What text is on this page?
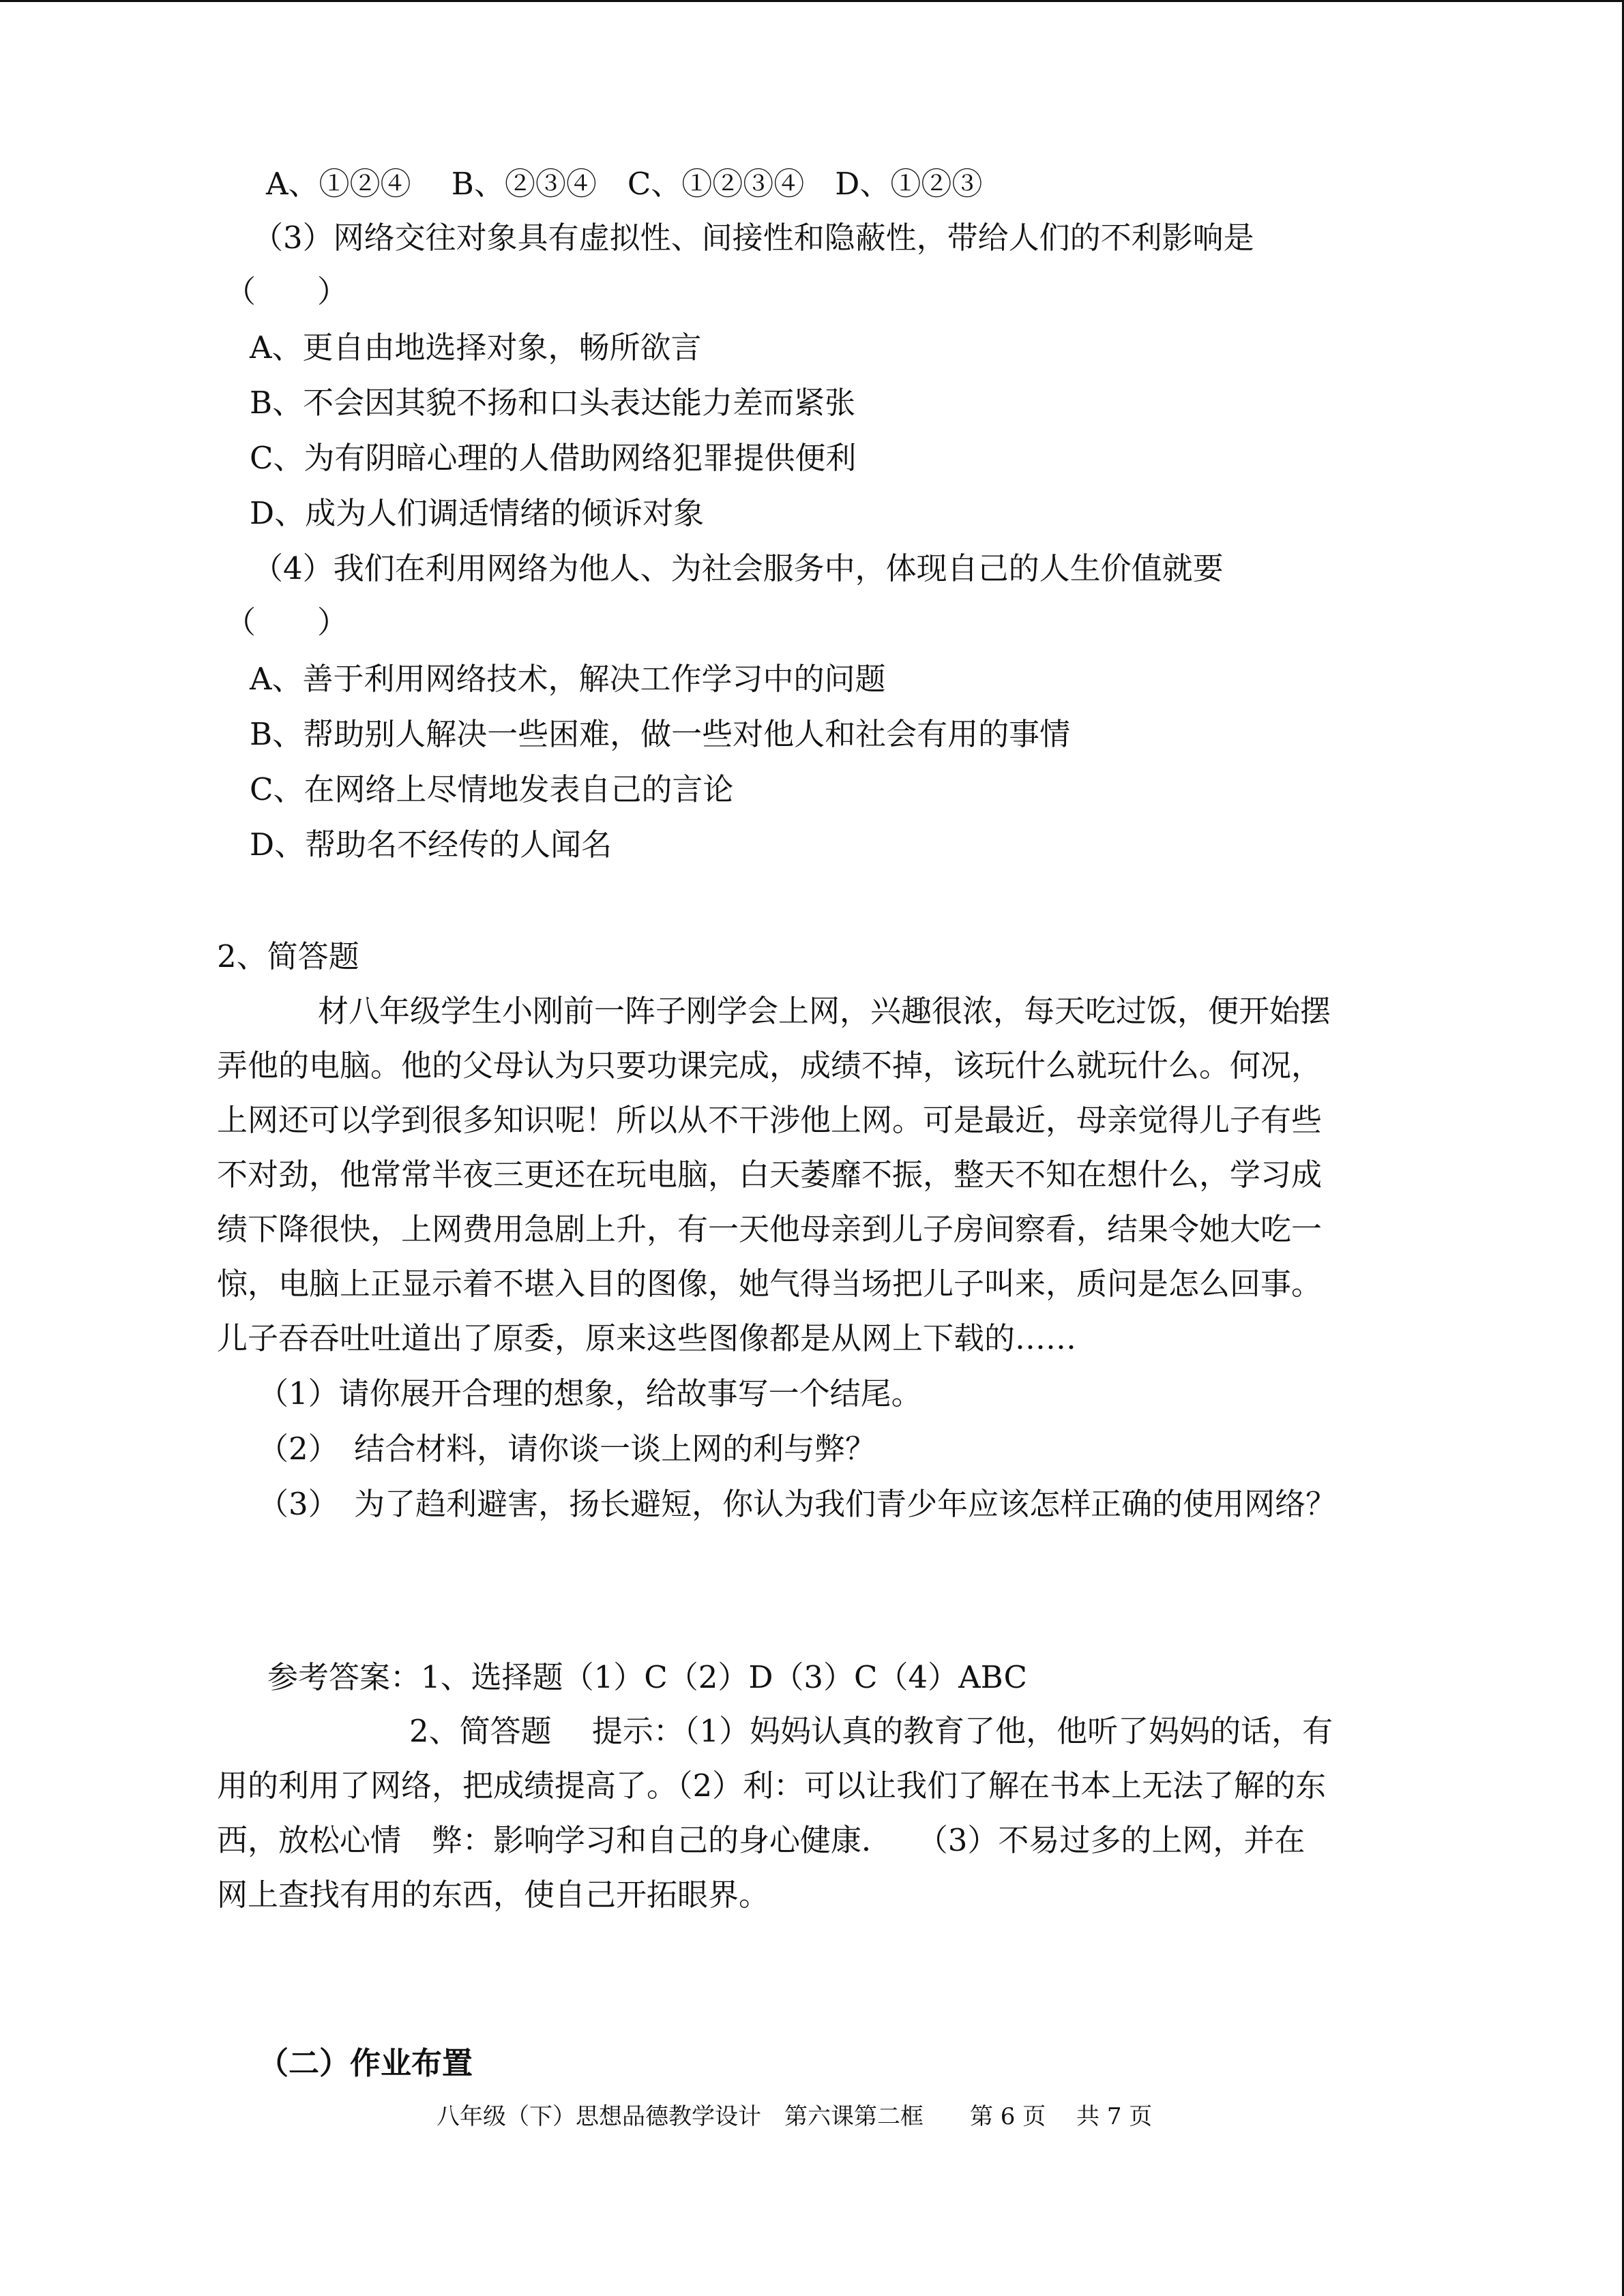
A、①②④　 B、②③④　C、①②③④　D、①②③
（3）网络交往对象具有虚拟性、间接性和隐蔽性，带给人们的不利影响是
（　　）
A、更自由地选择对象，畅所欲言
B、不会因其貌不扬和口头表达能力差而紧张
C、为有阴暗心理的人借助网络犯罪提供便利
D、成为人们调适情绪的倾诉对象
（4）我们在利用网络为他人、为社会服务中，体现自己的人生价值就要
（　　）
A、善于利用网络技术，解决工作学习中的问题
B、帮助别人解决一些困难，做一些对他人和社会有用的事情
C、在网络上尽情地发表自己的言论
D、帮助名不经传的人闻名
2、简答题
材八年级学生小刚前一阵子刚学会上网，兴趣很浓，每天吃过饭，便开始摆
弄他的电脑。他的父母认为只要功课完成，成绩不掉，该玩什么就玩什么。何况，
上网还可以学到很多知识呢！所以从不干涉他上网。可是最近，母亲觉得儿子有些
不对劲，他常常半夜三更还在玩电脑，白天萎靡不振，整天不知在想什么，学习成
绩下降很快，上网费用急剧上升，有一天他母亲到儿子房间察看，结果令她大吃一
惊，电脑上正显示着不堪入目的图像，她气得当场把儿子叫来，质问是怎么回事。
儿子吞吞吐吐道出了原委，原来这些图像都是从网上下载的……
（1）请你展开合理的想象，给故事写一个结尾。
（2）　结合材料，请你谈一谈上网的利与弊？
（3）　为了趋利避害，扬长避短，你认为我们青少年应该怎样正确的使用网络？
参考答案：1、选择题（1）C（2）D（3）C（4）ABC
2、简答题　 提示：（1）妈妈认真的教育了他，他听了妈妈的话，有
用的利用了网络，把成绩提高了。（2）利：可以让我们了解在书本上无法了解的东
西，放松心情　弊：影响学习和自己的身心健康．　 （3）不易过多的上网，并在
网上查找有用的东西，使自己开拓眼界。
（二）作业布置
八年级（下）思想品德教学设计　第六课第二框　　第 6 页　 共 7 页
